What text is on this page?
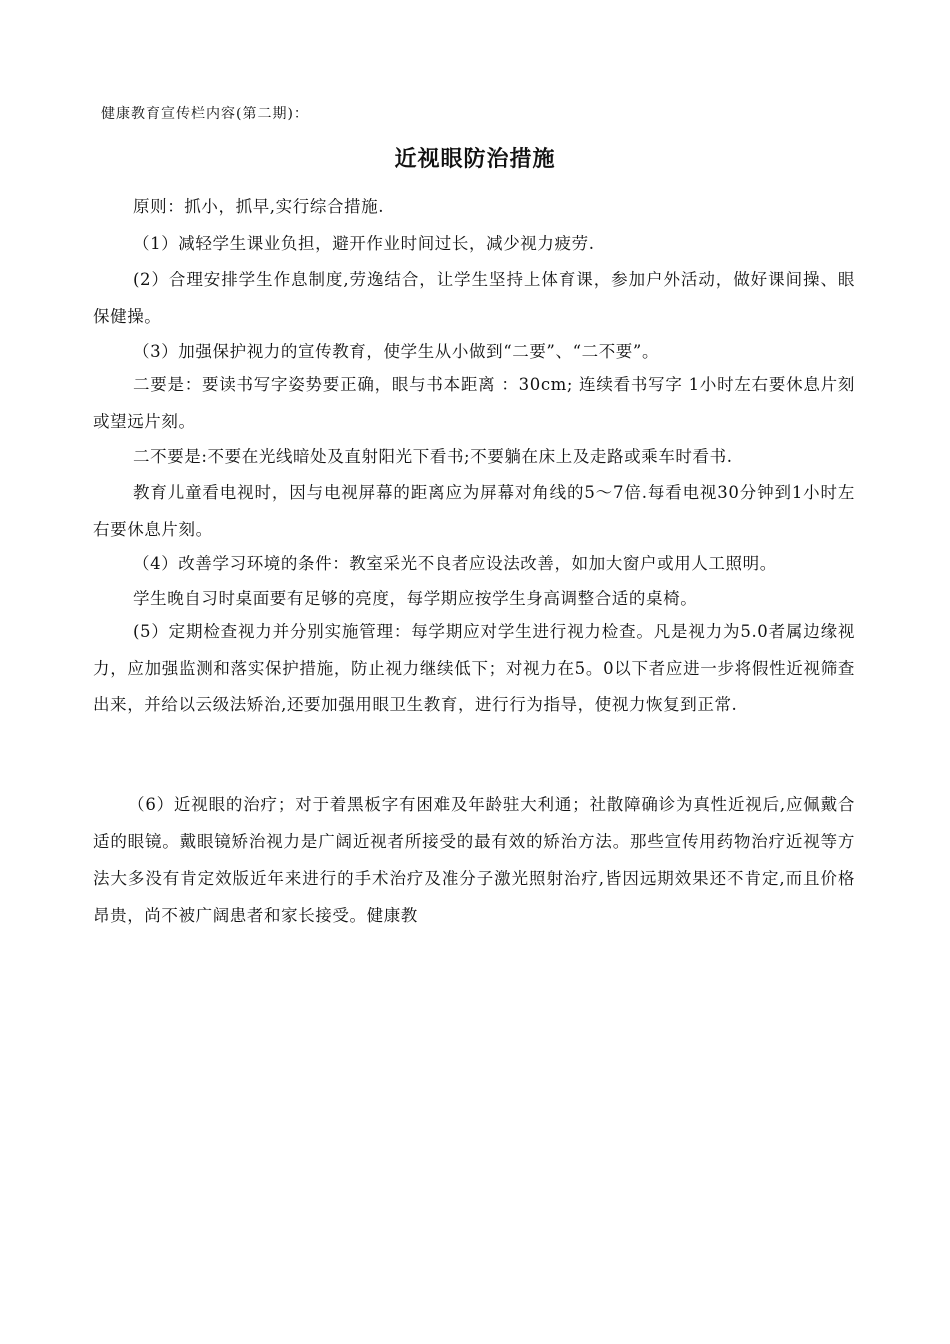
健康教育宣传栏内容(第二期)：
近视眼防治措施
原则：抓小，抓早,实行综合措施.
（1）减轻学生课业负担，避开作业时间过长，减少视力疲劳.
(2）合理安排学生作息制度,劳逸结合，让学生坚持上体育课，参加户外活动，做好课间操、眼保健操。
（3）加强保护视力的宣传教育，使学生从小做到“二要”、“二不要”。
二要是：要读书写字姿势要正确，眼与书本距离 ：30cm; 连续看书写字 1小时左右要休息片刻或望远片刻。
二不要是:不要在光线暗处及直射阳光下看书;不要躺在床上及走路或乘车时看书.
教育儿童看电视时，因与电视屏幕的距离应为屏幕对角线的5～7倍.每看电视30分钟到1小时左右要休息片刻。
（4）改善学习环境的条件：教室采光不良者应设法改善，如加大窗户或用人工照明。
学生晚自习时桌面要有足够的亮度，每学期应按学生身高调整合适的桌椅。
(5）定期检查视力并分别实施管理：每学期应对学生进行视力检查。凡是视力为5.0者属边缘视力，应加强监测和落实保护措施，防止视力继续低下；对视力在5。0以下者应进一步将假性近视筛查出来，并给以云级法矫治,还要加强用眼卫生教育，进行行为指导，使视力恢复到正常.
（6）近视眼的治疗；对于着黑板字有困难及年龄驻大利通；社散障确诊为真性近视后,应佩戴合适的眼镜。戴眼镜矫治视力是广阔近视者所接受的最有效的矫治方法。那些宣传用药物治疗近视等方法大多没有肯定效版近年来进行的手术治疗及准分子激光照射治疗,皆因远期效果还不肯定,而且价格昂贵，尚不被广阔患者和家长接受。健康教
